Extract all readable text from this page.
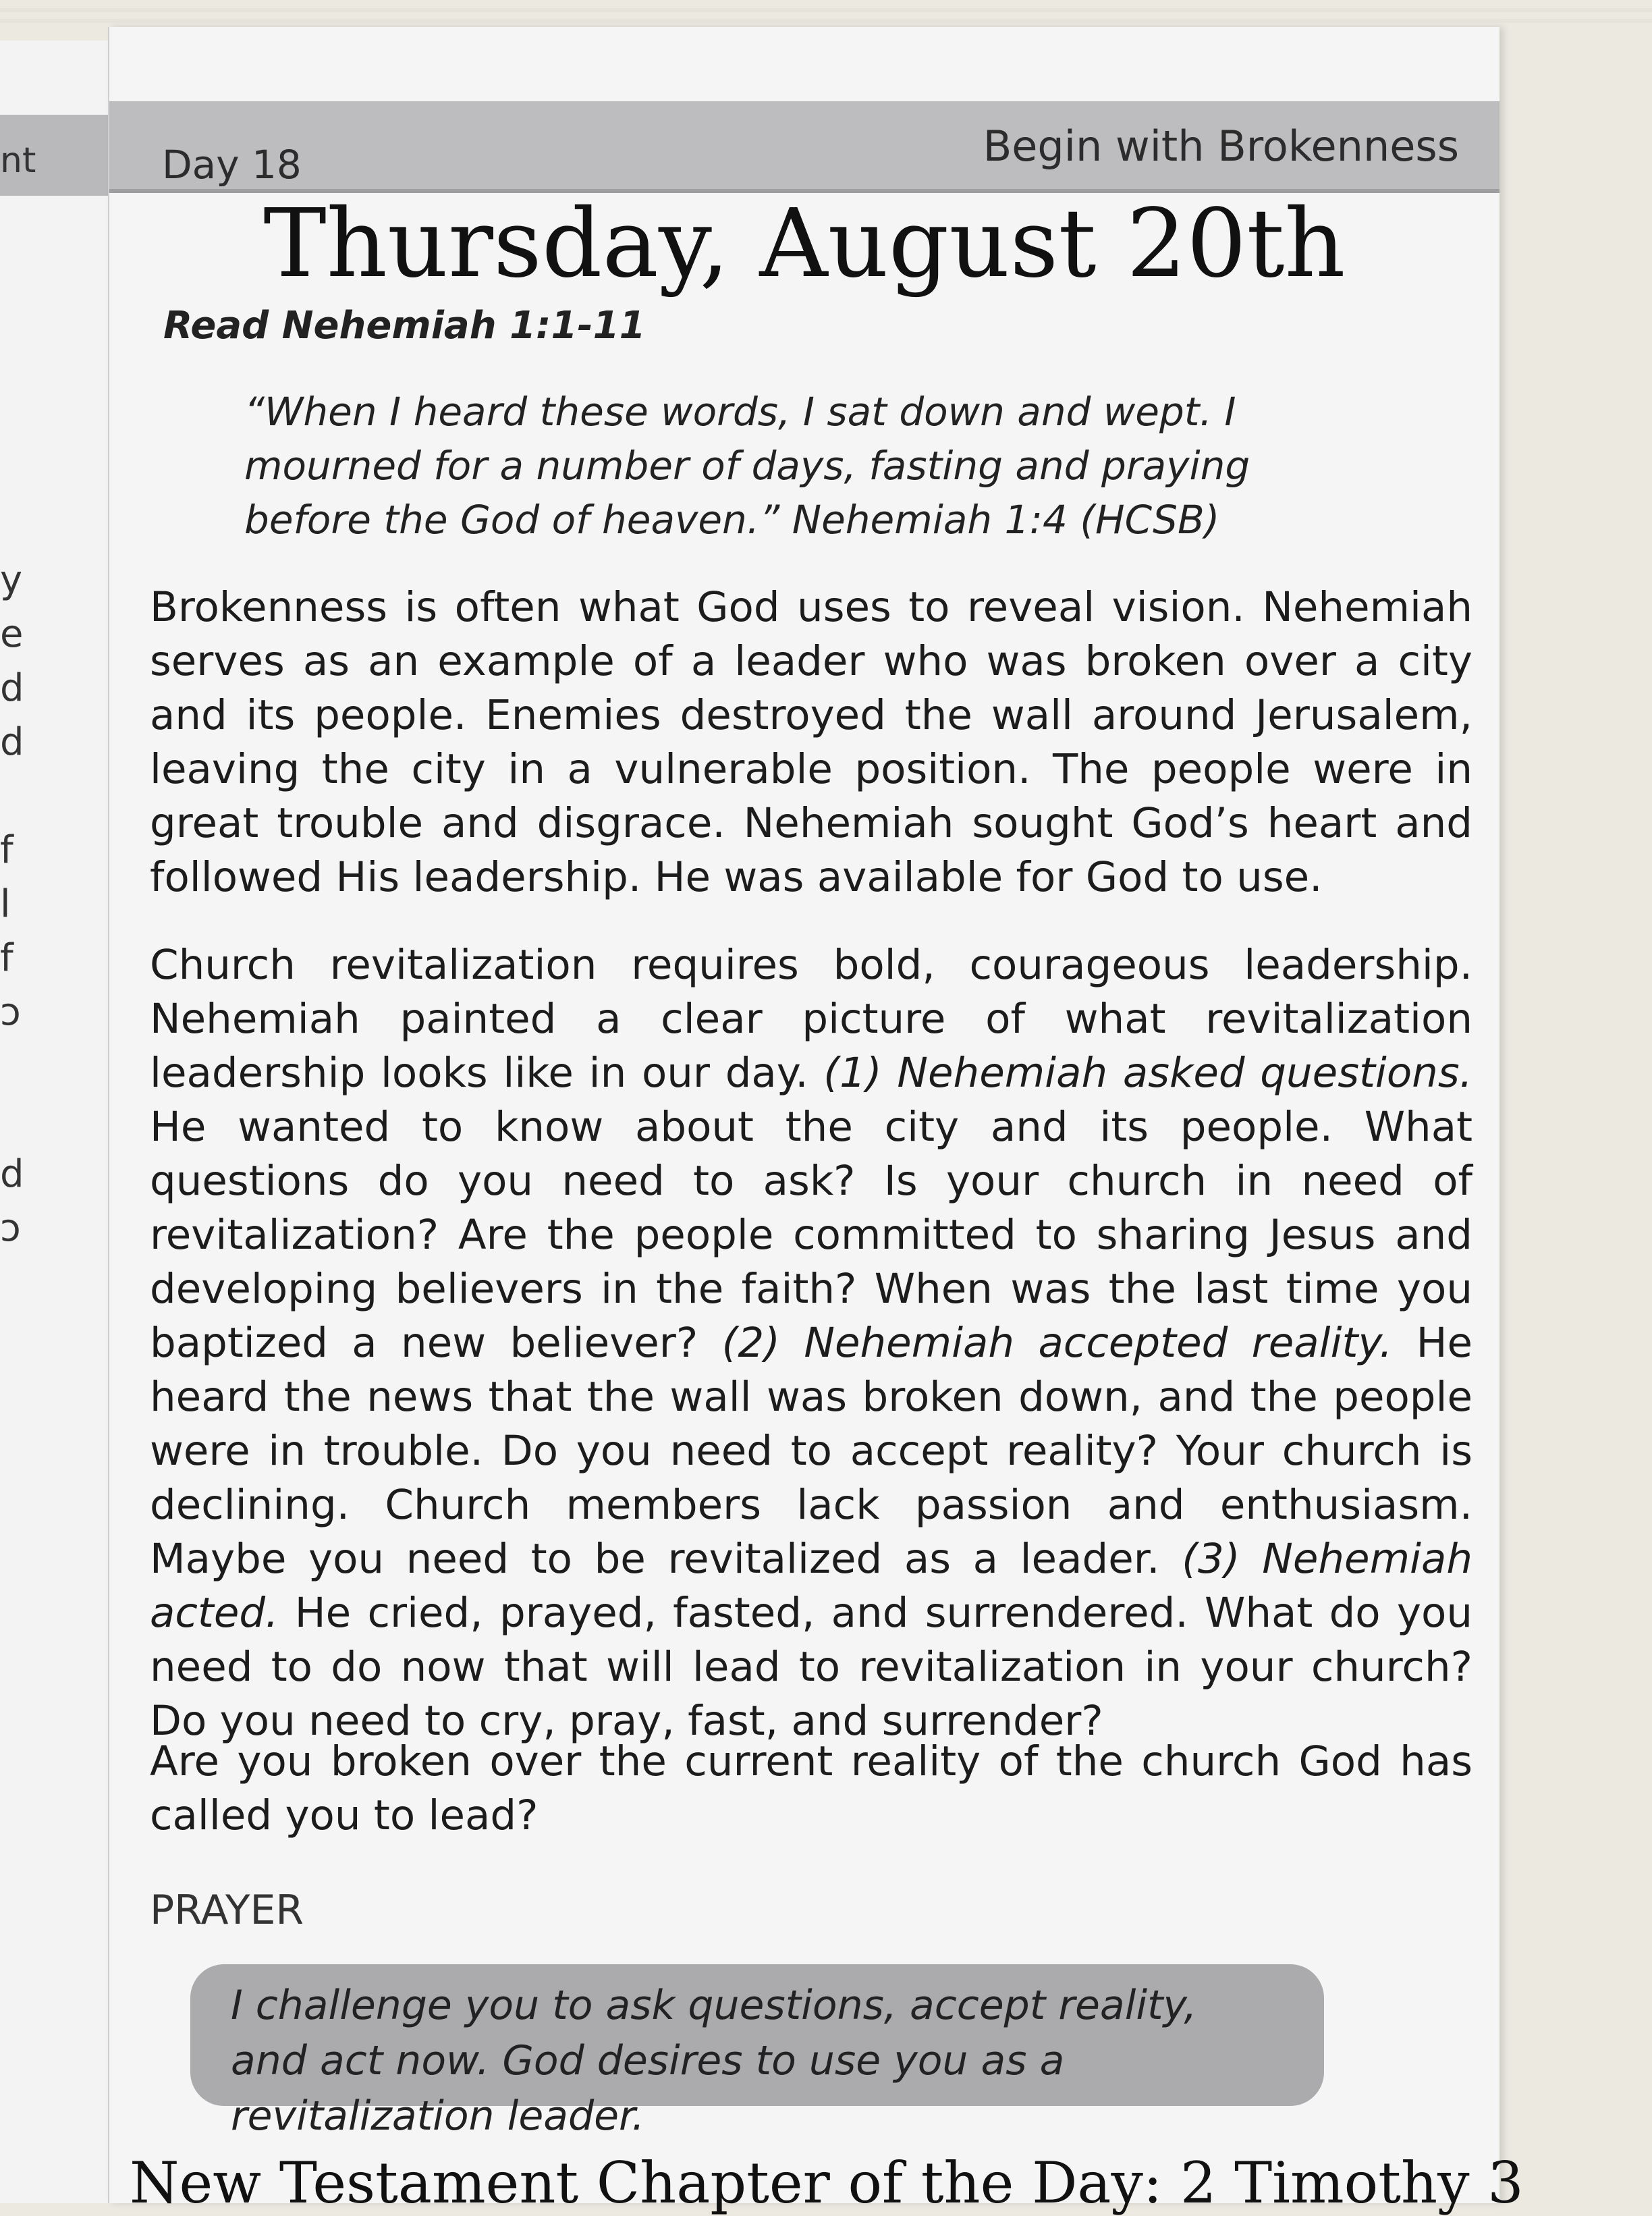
nt
y
e
d
d

f
l
f
ɔ

d
ɔ
Day 18	Begin with Brokenness
Thursday, August 20th
Read Nehemiah 1:1-11
“When I heard these words, I sat down and wept. I mourned for a number of days, fasting and praying before the God of heaven.” Nehemiah 1:4 (HCSB)
Brokenness is often what God uses to reveal vision. Nehemiah serves as an example of a leader who was broken over a city and its people. Enemies destroyed the wall around Jerusalem, leaving the city in a vulnerable position. The people were in great trouble and disgrace. Nehemiah sought God’s heart and followed His leadership. He was available for God to use.
Church revitalization requires bold, courageous leadership. Nehemiah painted a clear picture of what revitalization leadership looks like in our day. (1) Nehemiah asked questions. He wanted to know about the city and its people. What questions do you need to ask? Is your church in need of revitalization? Are the people committed to sharing Jesus and developing believers in the faith? When was the last time you baptized a new believer? (2) Nehemiah accepted reality. He heard the news that the wall was broken down, and the people were in trouble. Do you need to accept reality? Your church is declining. Church members lack passion and enthusiasm. Maybe you need to be revitalized as a leader. (3) Nehemiah acted. He cried, prayed, fasted, and surrendered. What do you need to do now that will lead to revitalization in your church? Do you need to cry, pray, fast, and surrender?
Are you broken over the current reality of the church God has called you to lead?
PRAYER
I challenge you to ask questions, accept reality, and act now. God desires to use you as a revitalization leader.
New Testament Chapter of the Day: 2 Timothy 3
